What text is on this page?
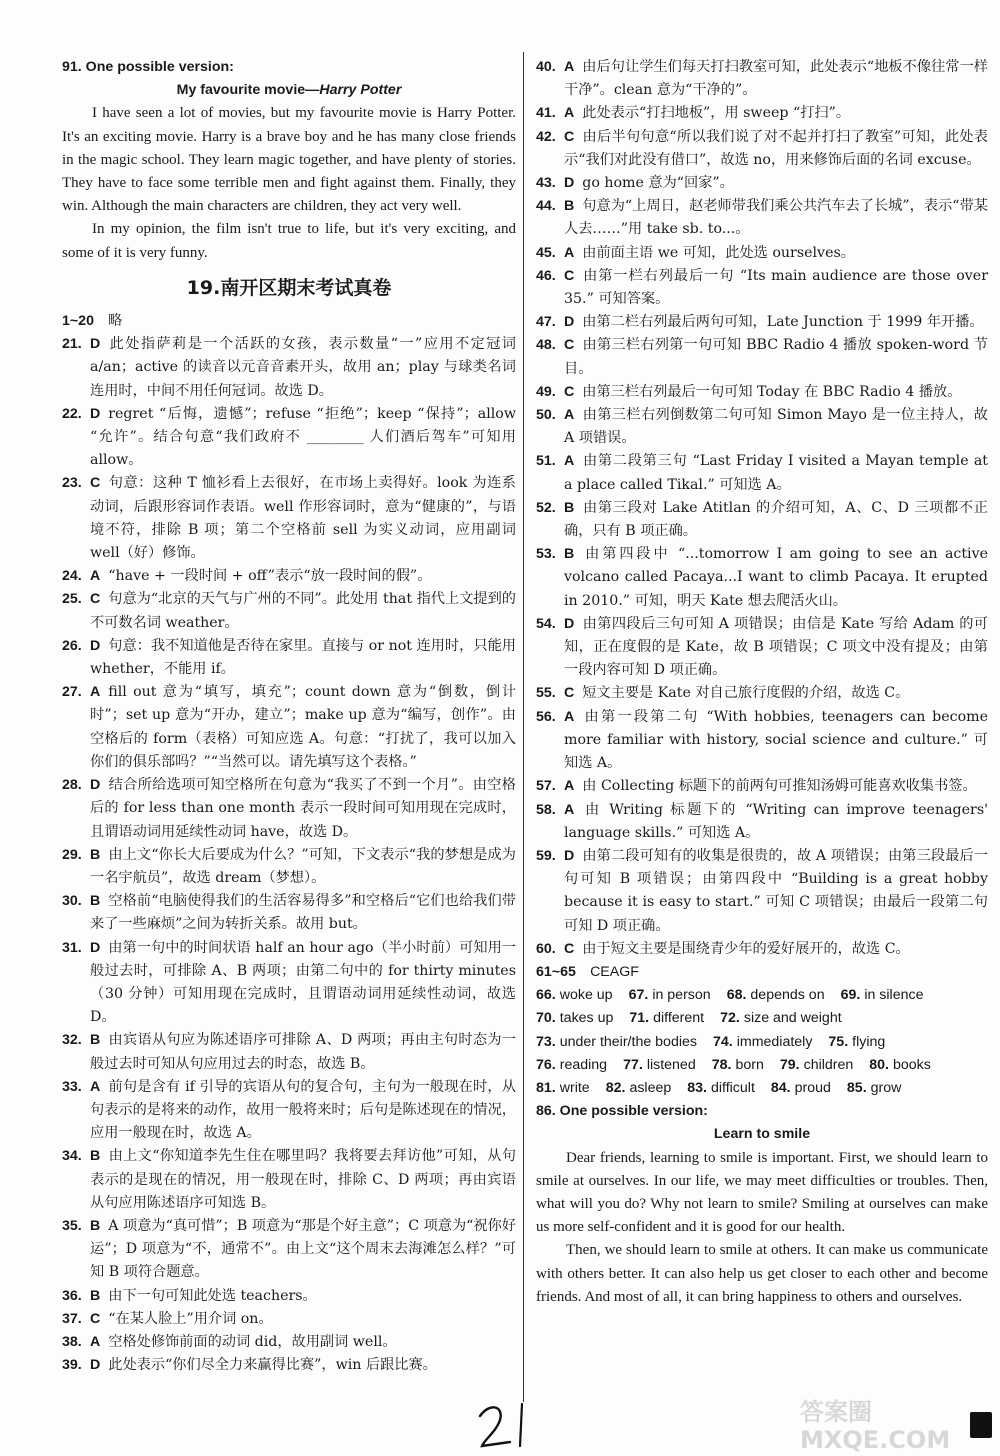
91. One possible version:
My favourite movie—Harry Potter

I have seen a lot of movies, but my favourite movie is Harry Potter. It's an exciting movie. Harry is a brave boy and he has many close friends in the magic school. They learn magic together, and have plenty of stories. They have to face some terrible men and fight against them. Finally, they win. Although the main characters are children, they act very well.

In my opinion, the film isn't true to life, but it's very exciting, and some of it is very funny.

19.南开区期末考试真卷
1~20　 略
21. D 此处指萨莉是一个活跃的女孩，表示数量“一”应用不定冠词 a/an；active 的读音以元音音素开头，故用 an；play 与球类名词连用时，中间不用任何冠词。故选 D。
22. D regret “后悔，遗憾”；refuse “拒绝”；keep “保持”；allow “允许”。结合句意“我们政府不 ________ 人们酒后驾车”可知用 allow。
23. C 句意：这种 T 恤衫看上去很好，在市场上卖得好。look 为连系动词，后跟形容词作表语。well 作形容词时，意为“健康的”，与语境不符，排除 B 项；第二个空格前 sell 为实义动词，应用副词 well（好）修饰。
24. A “have + 一段时间 + off”表示“放一段时间的假”。
25. C 句意为“北京的天气与广州的不同”。此处用 that 指代上文提到的不可数名词 weather。
26. D 句意：我不知道他是否待在家里。直接与 or not 连用时，只能用 whether，不能用 if。
27. A fill out 意为“填写，填充”；count down 意为“倒数，倒计时”；set up 意为“开办，建立”；make up 意为“编写，创作”。由空格后的 form（表格）可知应选 A。句意：“打扰了，我可以加入你们的俱乐部吗？”“当然可以。请先填写这个表格。”
28. D 结合所给选项可知空格所在句意为“我买了不到一个月”。由空格后的 for less than one month 表示一段时间可知用现在完成时，且谓语动词用延续性动词 have，故选 D。
29. B 由上文“你长大后要成为什么？”可知，下文表示“我的梦想是成为一名宇航员”，故选 dream（梦想）。
30. B 空格前“电脑使得我们的生活容易得多”和空格后“它们也给我们带来了一些麻烦”之间为转折关系。故用 but。
31. D 由第一句中的时间状语 half an hour ago（半小时前）可知用一般过去时，可排除 A、B 两项；由第二句中的 for thirty minutes（30 分钟）可知用现在完成时，且谓语动词用延续性动词，故选 D。
32. B 由宾语从句应为陈述语序可排除 A、D 两项；再由主句时态为一般过去时可知从句应用过去的时态，故选 B。
33. A 前句是含有 if 引导的宾语从句的复合句，主句为一般现在时，从句表示的是将来的动作，故用一般将来时；后句是陈述现在的情况，应用一般现在时，故选 A。
34. B 由上文“你知道李先生住在哪里吗？我将要去拜访他”可知，从句表示的是现在的情况，用一般现在时，排除 C、D 两项；再由宾语从句应用陈述语序可知选 B。
35. B A 项意为“真可惜”；B 项意为“那是个好主意”；C 项意为“祝你好运”；D 项意为“不，通常不”。由上文“这个周末去海滩怎么样？”可知 B 项符合题意。
36. B 由下一句可知此处选 teachers。
37. C “在某人脸上”用介词 on。
38. A 空格处修饰前面的动词 did，故用副词 well。
39. D 此处表示“你们尽全力来赢得比赛”，win 后跟比赛。
40. A 由后句让学生们每天打扫教室可知，此处表示“地板不像往常一样干净”。clean 意为“干净的”。
41. A 此处表示“打扫地板”，用 sweep “打扫”。
42. C 由后半句句意“所以我们说了对不起并打扫了教室”可知，此处表示“我们对此没有借口”，故选 no，用来修饰后面的名词 excuse。
43. D go home 意为“回家”。
44. B 句意为“上周日，赵老师带我们乘公共汽车去了长城”，表示“带某人去……”用 take sb. to...。
45. A 由前面主语 we 可知，此处选 ourselves。
46. C 由第一栏右列最后一句 “Its main audience are those over 35.” 可知答案。
47. D 由第二栏右列最后两句可知，Late Junction 于 1999 年开播。
48. C 由第三栏右列第一句可知 BBC Radio 4 播放 spoken-word 节目。
49. C 由第三栏右列最后一句可知 Today 在 BBC Radio 4 播放。
50. A 由第三栏右列倒数第二句可知 Simon Mayo 是一位主持人，故 A 项错误。
51. A 由第二段第三句 “Last Friday I visited a Mayan temple at a place called Tikal.” 可知选 A。
52. B 由第三段对 Lake Atitlan 的介绍可知，A、C、D 三项都不正确，只有 B 项正确。
53. B 由第四段中 “...tomorrow I am going to see an active volcano called Pacaya...I want to climb Pacaya. It erupted in 2010.” 可知，明天 Kate 想去爬活火山。
54. D 由第四段后三句可知 A 项错误；由信是 Kate 写给 Adam 的可知，正在度假的是 Kate，故 B 项错误；C 项文中没有提及；由第一段内容可知 D 项正确。
55. C 短文主要是 Kate 对自己旅行度假的介绍，故选 C。
56. A 由第一段第二句 “With hobbies, teenagers can become more familiar with history, social science and culture.” 可知选 A。
57. A 由 Collecting 标题下的前两句可推知汤姆可能喜欢收集书签。
58. A 由 Writing 标题下的 “Writing can improve teenagers' language skills.” 可知选 A。
59. D 由第二段可知有的收集是很贵的，故 A 项错误；由第三段最后一句可知 B 项错误；由第四段中 “Building is a great hobby because it is easy to start.” 可知 C 项错误；由最后一段第二句可知 D 项正确。
60. C 由于短文主要是围绕青少年的爱好展开的，故选 C。
61~65　 CEAGF
66. woke up 67. in person 68. depends on 69. in silence
70. takes up 71. different 72. size and weight
73. under their/the bodies 74. immediately 75. flying
76. reading 77. listened 78. born 79. children 80. books
81. write 82. asleep 83. difficult 84. proud 85. grow
86. One possible version:
Learn to smile

Dear friends, learning to smile is important. First, we should learn to smile at ourselves. In our life, we may meet difficulties or troubles. Then, what will you do? Why not learn to smile? Smiling at ourselves can make us more self-confident and it is good for our health.

Then, we should learn to smile at others. It can make us communicate with others better. It can also help us get closer to each other and become friends. And most of all, it can bring happiness to others and ourselves.

答案圈 MXQE.COM
